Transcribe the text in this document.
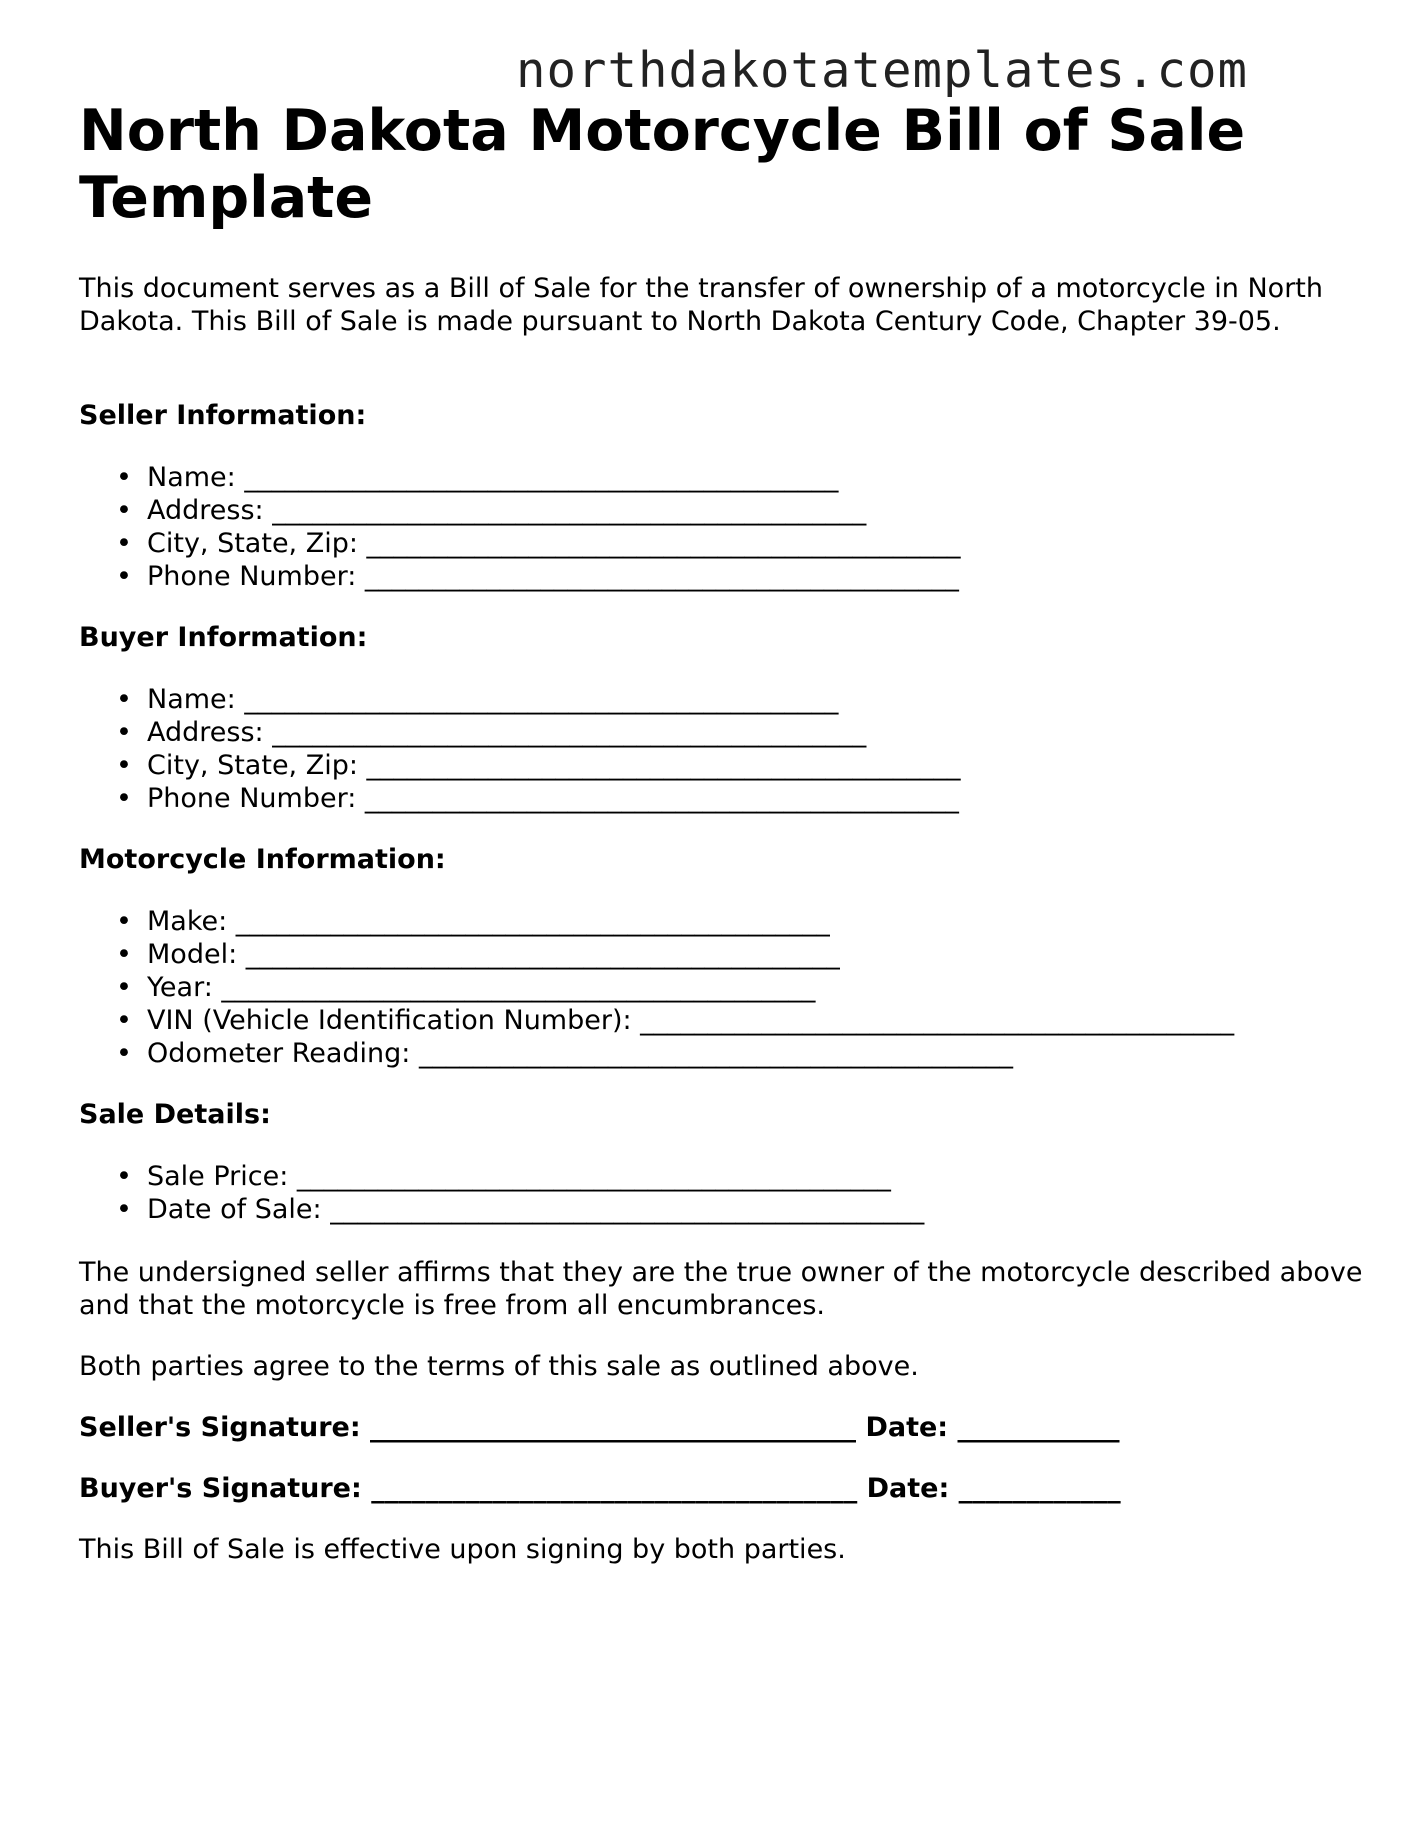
northdakotatemplates.com
North Dakota Motorcycle Bill of Sale Template

This document serves as a Bill of Sale for the transfer of ownership of a motorcycle in North Dakota. This Bill of Sale is made pursuant to North Dakota Century Code, Chapter 39-05.

Seller Information:

• Name: ____________________________________________
• Address: ____________________________________________
• City, State, Zip: ____________________________________________
• Phone Number: ____________________________________________

Buyer Information:

• Name: ____________________________________________
• Address: ____________________________________________
• City, State, Zip: ____________________________________________
• Phone Number: ____________________________________________

Motorcycle Information:

• Make: ____________________________________________
• Model: ____________________________________________
• Year: ____________________________________________
• VIN (Vehicle Identification Number): ____________________________________________
• Odometer Reading: ____________________________________________

Sale Details:

• Sale Price: ____________________________________________
• Date of Sale: ____________________________________________

The undersigned seller affirms that they are the true owner of the motorcycle described above and that the motorcycle is free from all encumbrances.

Both parties agree to the terms of this sale as outlined above.

Seller's Signature: ____________________________________ Date: ____________
Buyer's Signature: ____________________________________ Date: ____________

This Bill of Sale is effective upon signing by both parties.
